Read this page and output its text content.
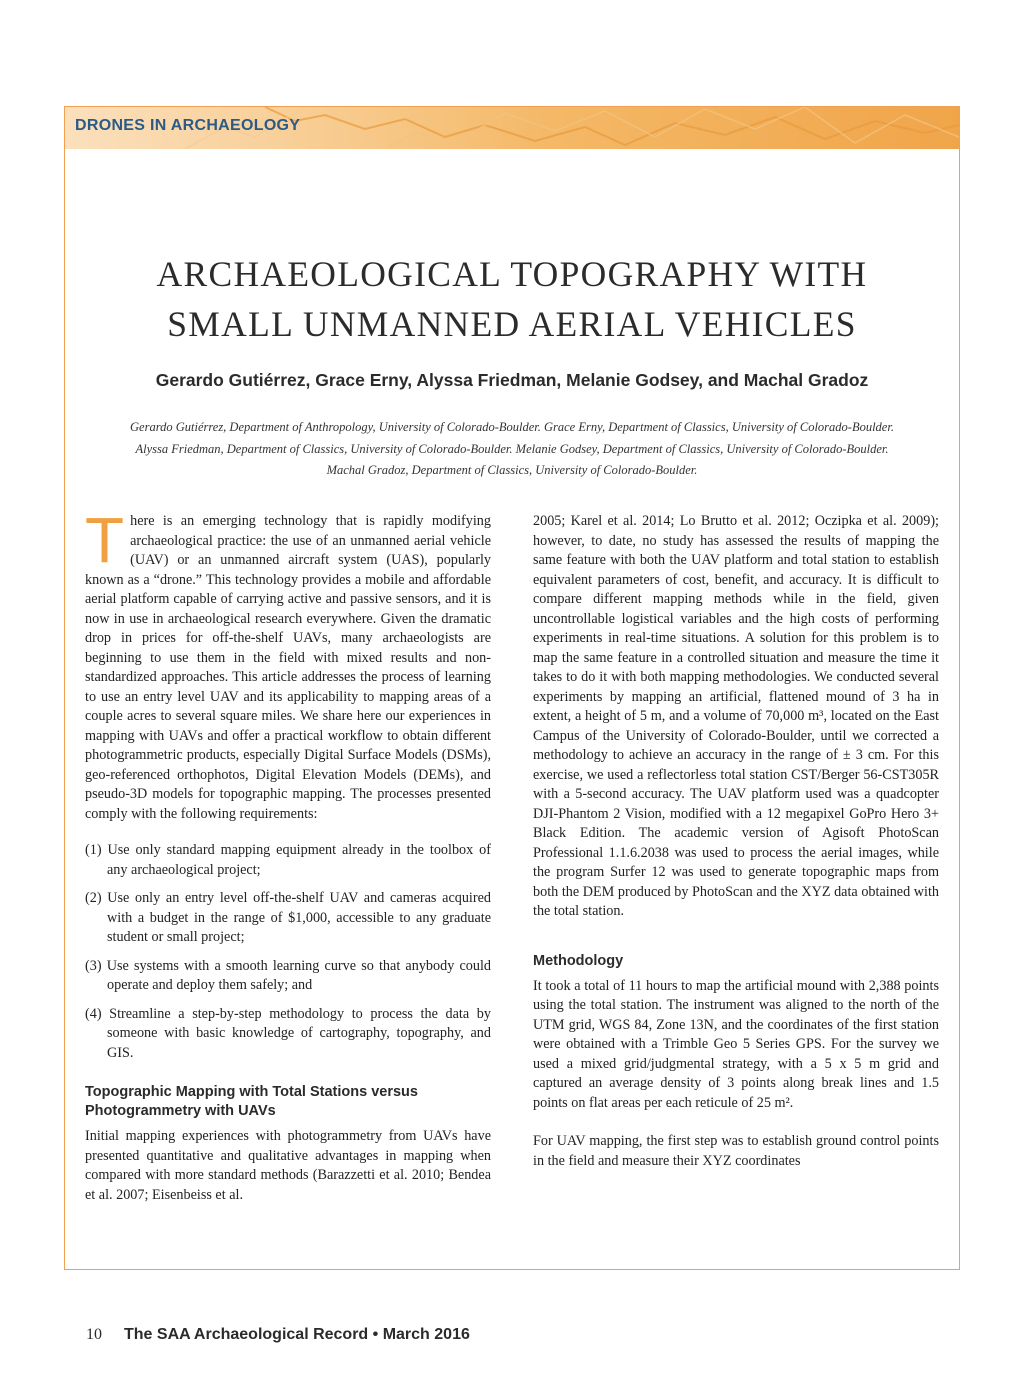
DRONES IN ARCHAEOLOGY
ARCHAEOLOGICAL TOPOGRAPHY WITH
SMALL UNMANNED AERIAL VEHICLES
Gerardo Gutiérrez, Grace Erny, Alyssa Friedman, Melanie Godsey, and Machal Gradoz
Gerardo Gutiérrez, Department of Anthropology, University of Colorado-Boulder. Grace Erny, Department of Classics, University of Colorado-Boulder.
Alyssa Friedman, Department of Classics, University of Colorado-Boulder. Melanie Godsey, Department of Classics, University of Colorado-Boulder.
Machal Gradoz, Department of Classics, University of Colorado-Boulder.

There is an emerging technology that is rapidly modifying archaeological practice: the use of an unmanned aerial vehicle (UAV) or an unmanned aircraft system (UAS), popularly known as a “drone.” This technology provides a mobile and affordable aerial platform capable of carrying active and passive sensors, and it is now in use in archaeological research everywhere. Given the dramatic drop in prices for off-the-shelf UAVs, many archaeologists are beginning to use them in the field with mixed results and non-standardized approaches. This article addresses the process of learning to use an entry level UAV and its applicability to mapping areas of a couple acres to several square miles. We share here our experiences in mapping with UAVs and offer a practical workflow to obtain different photogrammetric products, especially Digital Surface Models (DSMs), geo-referenced orthophotos, Digital Elevation Models (DEMs), and pseudo-3D models for topographic mapping. The processes presented comply with the following requirements:

(1) Use only standard mapping equipment already in the toolbox of any archaeological project;
(2) Use only an entry level off-the-shelf UAV and cameras acquired with a budget in the range of $1,000, accessible to any graduate student or small project;
(3) Use systems with a smooth learning curve so that anybody could operate and deploy them safely; and
(4) Streamline a step-by-step methodology to process the data by someone with basic knowledge of cartography, topography, and GIS.
Topographic Mapping with Total Stations versus Photogrammetry with UAVs

Initial mapping experiences with photogrammetry from UAVs have presented quantitative and qualitative advantages in mapping when compared with more standard methods (Barazzetti et al. 2010; Bendea et al. 2007; Eisenbeiss et al.

2005; Karel et al. 2014; Lo Brutto et al. 2012; Oczipka et al. 2009); however, to date, no study has assessed the results of mapping the same feature with both the UAV platform and total station to establish equivalent parameters of cost, benefit, and accuracy. It is difficult to compare different mapping methods while in the field, given uncontrollable logistical variables and the high costs of performing experiments in real-time situations. A solution for this problem is to map the same feature in a controlled situation and measure the time it takes to do it with both mapping methodologies. We conducted several experiments by mapping an artificial, flattened mound of 3 ha in extent, a height of 5 m, and a volume of 70,000 m³, located on the East Campus of the University of Colorado-Boulder, until we corrected a methodology to achieve an accuracy in the range of ± 3 cm. For this exercise, we used a reflectorless total station CST/Berger 56-CST305R with a 5-second accuracy. The UAV platform used was a quadcopter DJI-Phantom 2 Vision, modified with a 12 megapixel GoPro Hero 3+ Black Edition. The academic version of Agisoft PhotoScan Professional 1.1.6.2038 was used to process the aerial images, while the program Surfer 12 was used to generate topographic maps from both the DEM produced by PhotoScan and the XYZ data obtained with the total station.

Methodology

It took a total of 11 hours to map the artificial mound with 2,388 points using the total station. The instrument was aligned to the north of the UTM grid, WGS 84, Zone 13N, and the coordinates of the first station were obtained with a Trimble Geo 5 Series GPS. For the survey we used a mixed grid/judgmental strategy, with a 5 x 5 m grid and captured an average density of 3 points along break lines and 1.5 points on flat areas per each reticule of 25 m².

For UAV mapping, the first step was to establish ground control points in the field and measure their XYZ coordinates

10 The SAA Archaeological Record • March 2016
